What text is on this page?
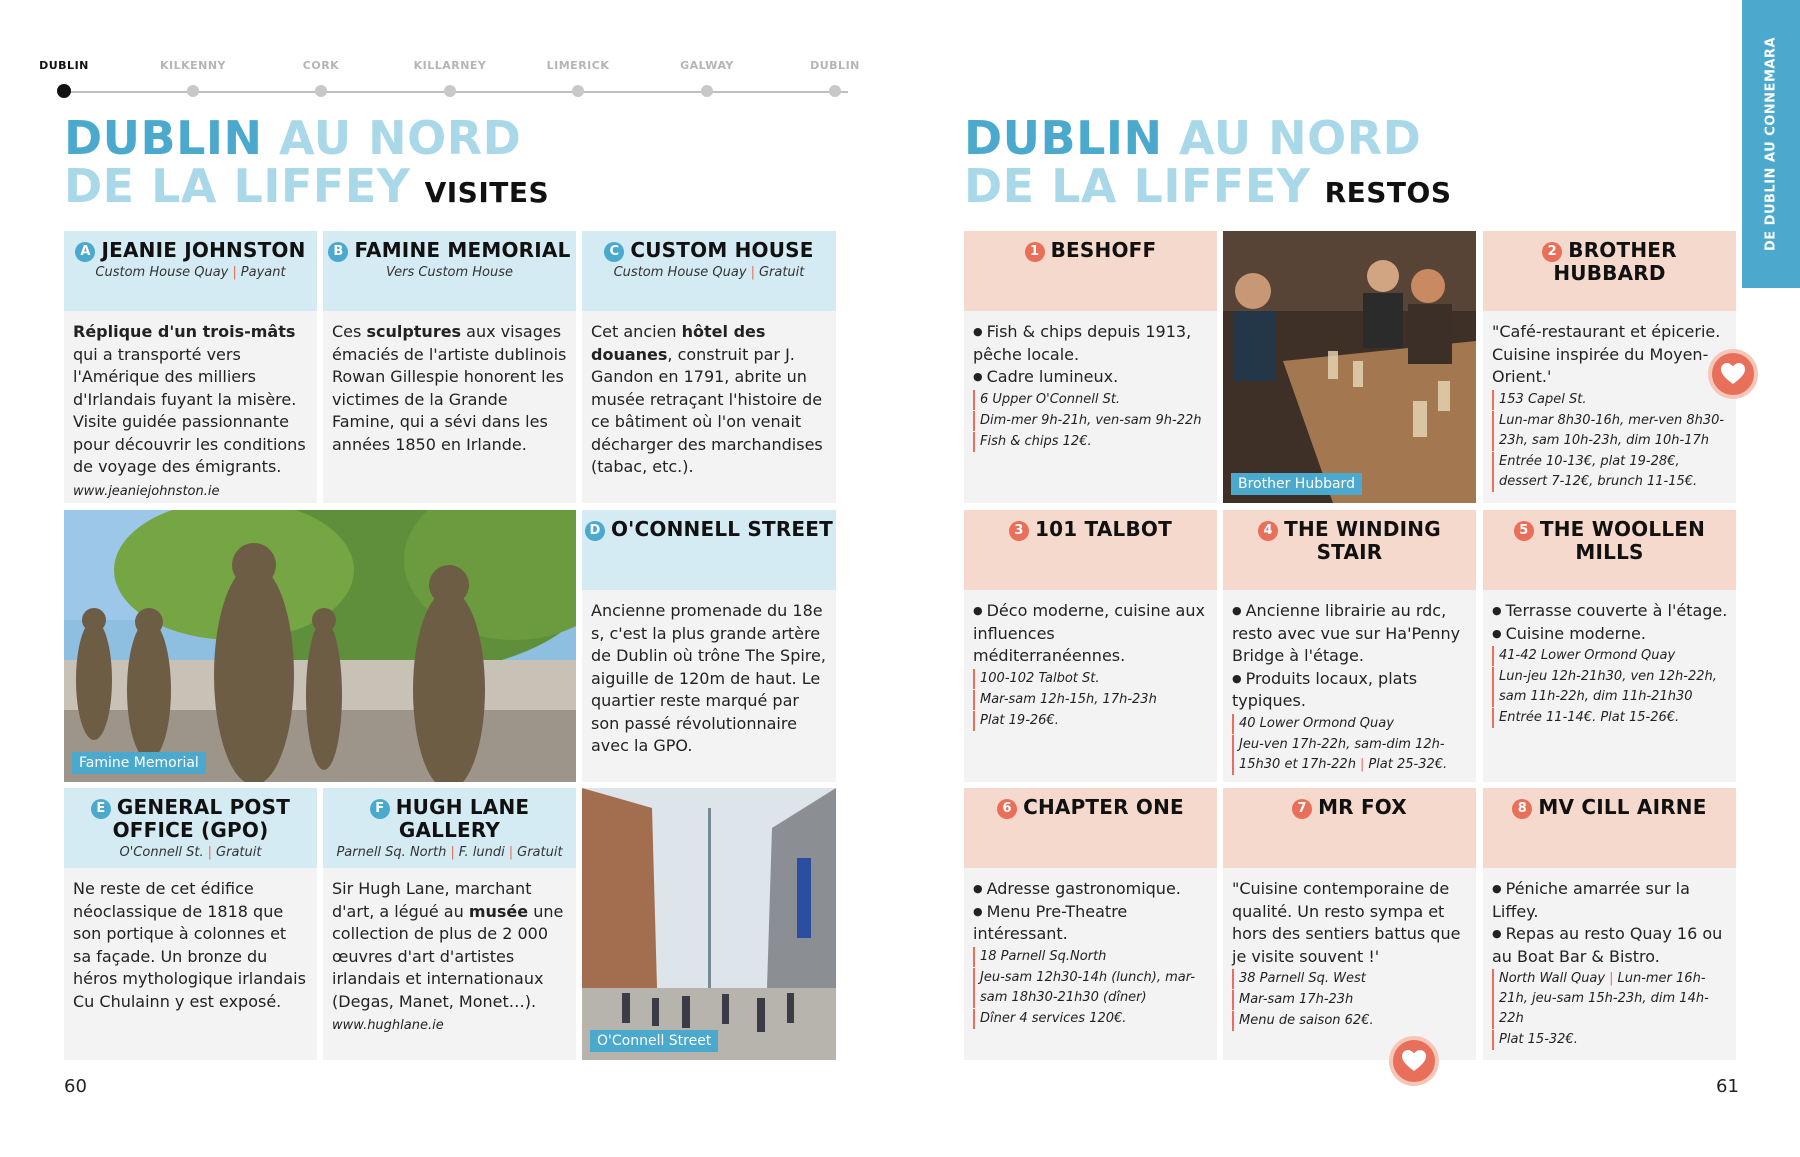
DUBLIN	KILKENNY	CORK	KILLARNEY	LIMERICK	GALWAY	DUBLIN
DUBLIN AU NORD
DE LA LIFFEY VISITES
DUBLIN AU NORD
DE LA LIFFEY RESTOS	DE DUBLIN AU CONNEMARA
A JEANIE JOHNSTON
Custom House Quay | Payant
Réplique d'un trois-mâts qui a transporté vers l'Amérique des milliers d'Irlandais fuyant la misère. Visite guidée passionnante pour découvrir les conditions de voyage des émigrants.
www.jeaniejohnston.ie
B FAMINE MEMORIAL
Vers Custom House
Ces sculptures aux visages émaciés de l'artiste dublinois Rowan Gillespie honorent les victimes de la Grande Famine, qui a sévi dans les années 1850 en Irlande.
C CUSTOM HOUSE
Custom House Quay | Gratuit
Cet ancien hôtel des douanes, construit par J. Gandon en 1791, abrite un musée retraçant l'histoire de ce bâtiment où l'on venait décharger des marchandises (tabac, etc.).
Famine Memorial
D O'CONNELL STREET
Ancienne promenade du 18e s, c'est la plus grande artère de Dublin où trône The Spire, aiguille de 120m de haut. Le quartier reste marqué par son passé révolutionnaire avec la GPO.
E GENERAL POST OFFICE (GPO)
O'Connell St. | Gratuit
Ne reste de cet édifice néoclassique de 1818 que son portique à colonnes et sa façade. Un bronze du héros mythologique irlandais Cu Chulainn y est exposé.
F HUGH LANE GALLERY
Parnell Sq. North | F. lundi | Gratuit
Sir Hugh Lane, marchant d'art, a légué au musée une collection de plus de 2 000 œuvres d'art d'artistes irlandais et internationaux (Degas, Manet, Monet…).
www.hughlane.ie
O'Connell Street
1 BESHOFF
● Fish & chips depuis 1913, pêche locale.
● Cadre lumineux.
6 Upper O'Connell St.
Dim-mer 9h-21h, ven-sam 9h-22h
Fish & chips 12€.
Brother Hubbard
2 BROTHER HUBBARD
"Café-restaurant et épicerie. Cuisine inspirée du Moyen-Orient.'
153 Capel St.
Lun-mar 8h30-16h, mer-ven 8h30-23h, sam 10h-23h, dim 10h-17h
Entrée 10-13€, plat 19-28€, dessert 7-12€, brunch 11-15€.
3 101 TALBOT
● Déco moderne, cuisine aux influences méditerranéennes.
100-102 Talbot St.
Mar-sam 12h-15h, 17h-23h
Plat 19-26€.
4 THE WINDING STAIR
● Ancienne librairie au rdc, resto avec vue sur Ha'Penny Bridge à l'étage.
● Produits locaux, plats typiques.
40 Lower Ormond Quay
Jeu-ven 17h-22h, sam-dim 12h-15h30 et 17h-22h | Plat 25-32€.
5 THE WOOLLEN MILLS
● Terrasse couverte à l'étage.
● Cuisine moderne.
41-42 Lower Ormond Quay
Lun-jeu 12h-21h30, ven 12h-22h, sam 11h-22h, dim 11h-21h30
Entrée 11-14€. Plat 15-26€.
6 CHAPTER ONE
● Adresse gastronomique.
● Menu Pre-Theatre intéressant.
18 Parnell Sq.North
Jeu-sam 12h30-14h (lunch), mar-sam 18h30-21h30 (dîner)
Dîner 4 services 120€.
7 MR FOX
"Cuisine contemporaine de qualité. Un resto sympa et hors des sentiers battus que je visite souvent !'
38 Parnell Sq. West
Mar-sam 17h-23h
Menu de saison 62€.
8 MV CILL AIRNE
● Péniche amarrée sur la Liffey.
● Repas au resto Quay 16 ou au Boat Bar & Bistro.
North Wall Quay | Lun-mer 16h-21h, jeu-sam 15h-23h, dim 14h-22h
Plat 15-32€.
60	61
